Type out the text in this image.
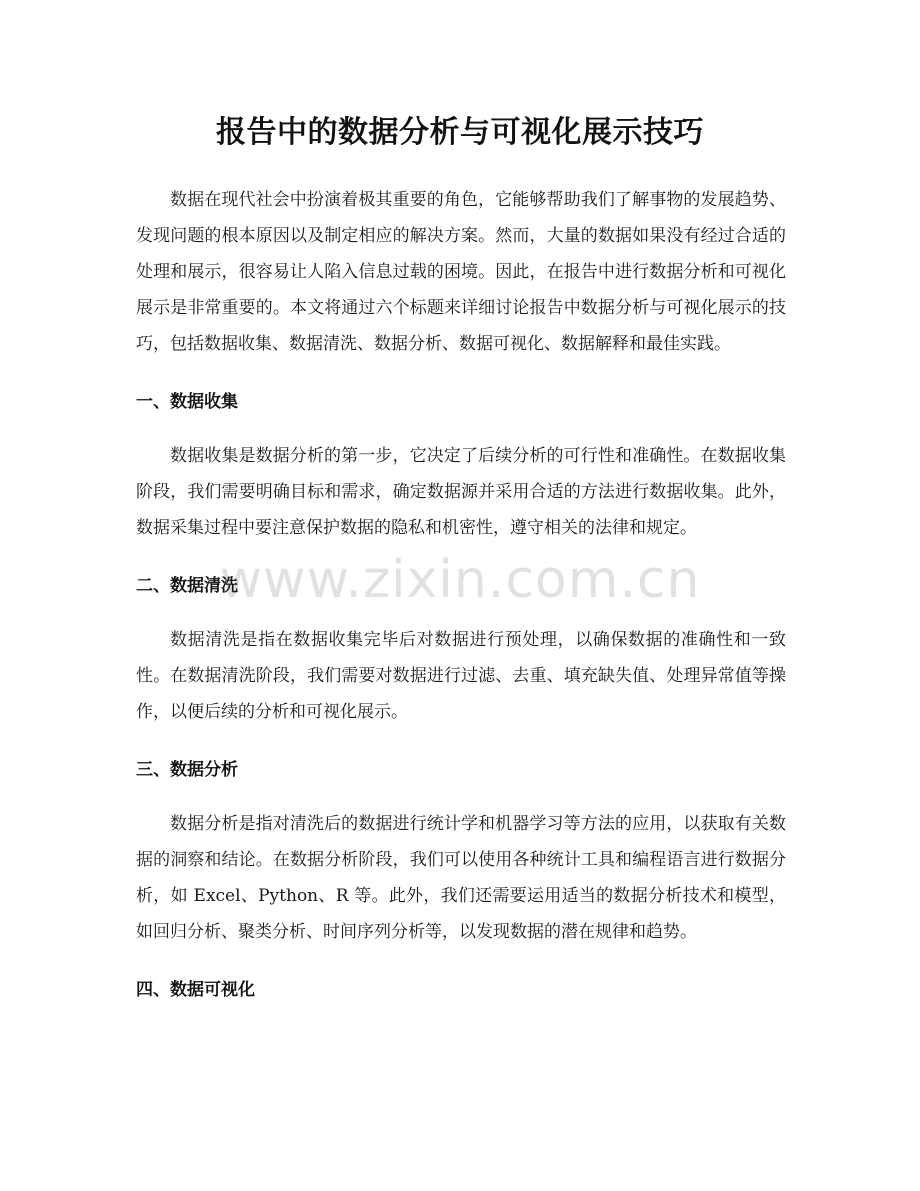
报告中的数据分析与可视化展示技巧

数据在现代社会中扮演着极其重要的角色，它能够帮助我们了解事物的发展趋势、发现问题的根本原因以及制定相应的解决方案。然而，大量的数据如果没有经过合适的处理和展示，很容易让人陷入信息过载的困境。因此，在报告中进行数据分析和可视化展示是非常重要的。本文将通过六个标题来详细讨论报告中数据分析与可视化展示的技巧，包括数据收集、数据清洗、数据分析、数据可视化、数据解释和最佳实践。

一、数据收集

数据收集是数据分析的第一步，它决定了后续分析的可行性和准确性。在数据收集阶段，我们需要明确目标和需求，确定数据源并采用合适的方法进行数据收集。此外，数据采集过程中要注意保护数据的隐私和机密性，遵守相关的法律和规定。

二、数据清洗

数据清洗是指在数据收集完毕后对数据进行预处理，以确保数据的准确性和一致性。在数据清洗阶段，我们需要对数据进行过滤、去重、填充缺失值、处理异常值等操作，以便后续的分析和可视化展示。

三、数据分析

数据分析是指对清洗后的数据进行统计学和机器学习等方法的应用，以获取有关数据的洞察和结论。在数据分析阶段，我们可以使用各种统计工具和编程语言进行数据分析，如 Excel、Python、R 等。此外，我们还需要运用适当的数据分析技术和模型，如回归分析、聚类分析、时间序列分析等，以发现数据的潜在规律和趋势。

四、数据可视化
www.zixin.com.cn
